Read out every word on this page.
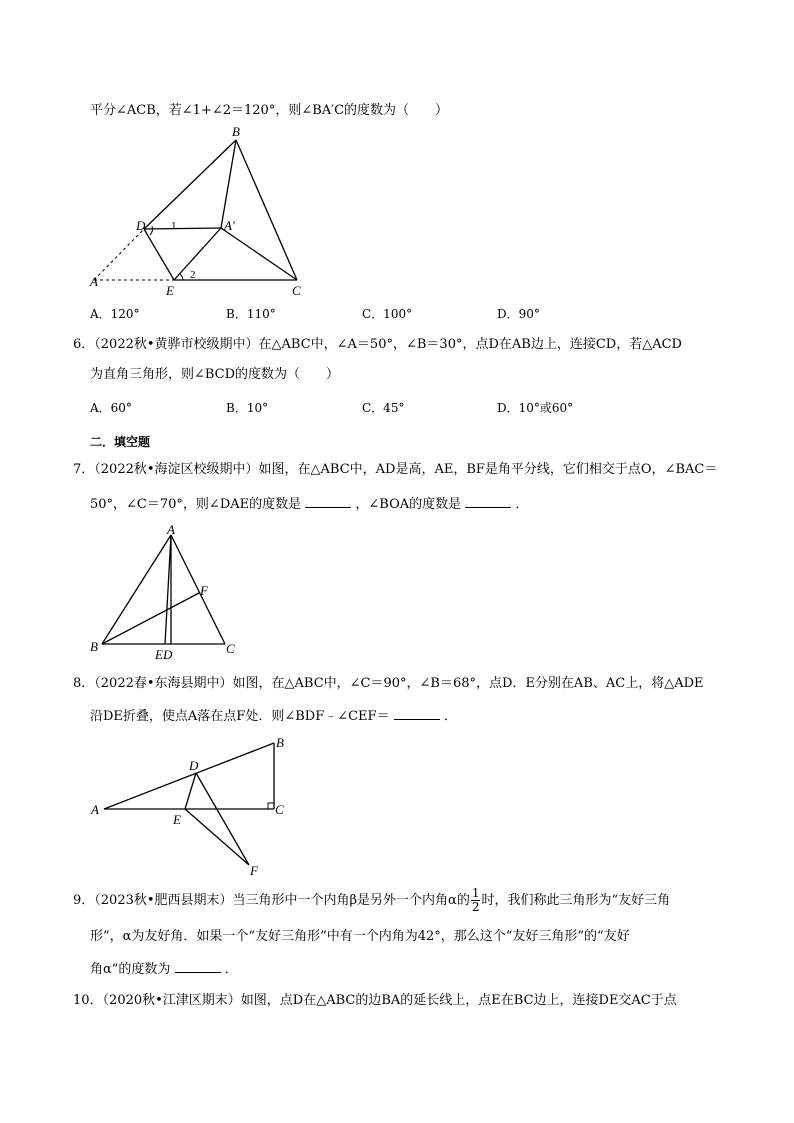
平分∠ACB，若∠1+∠2＝120°，则∠BA′C的度数为（　　）
B
D	A′
A
E	C
1
2
A．120°	B．110°	C．100°	D．90°
6．（2022秋•黄骅市校级期中）在△ABC中，∠A＝50°，∠B＝30°，点D在AB边上，连接CD，若△ACD
为直角三角形，则∠BCD的度数为（　　）
A．60°	B．10°	C．45°	D．10°或60°
二．填空题
7．（2022秋•海淀区校级期中）如图，在△ABC中，AD是高，AE，BF是角平分线，它们相交于点O，∠BAC＝
50°，∠C＝70°，则∠DAE的度数是	，∠BOA的度数是	．
A
F
B	C
ED
8．（2022春•东海县期中）如图，在△ABC中，∠C＝90°，∠B＝68°，点D．E分别在AB、AC上，将△ADE
沿DE折叠，使点A落在点F处．则∠BDF﹣∠CEF＝	．
B
D
A	C
E
F
9．（2023秋•肥西县期末）当三角形中一个内角β是另外一个内角α的 $\frac{1}{2}$ 时，我们称此三角形为“友好三角
形”，α为友好角．如果一个“友好三角形”中有一个内角为42°，那么这个“友好三角形”的“友好
角α”的度数为	．
10．（2020秋•江津区期末）如图，点D在△ABC的边BA的延长线上，点E在BC边上，连接DE交AC于点
